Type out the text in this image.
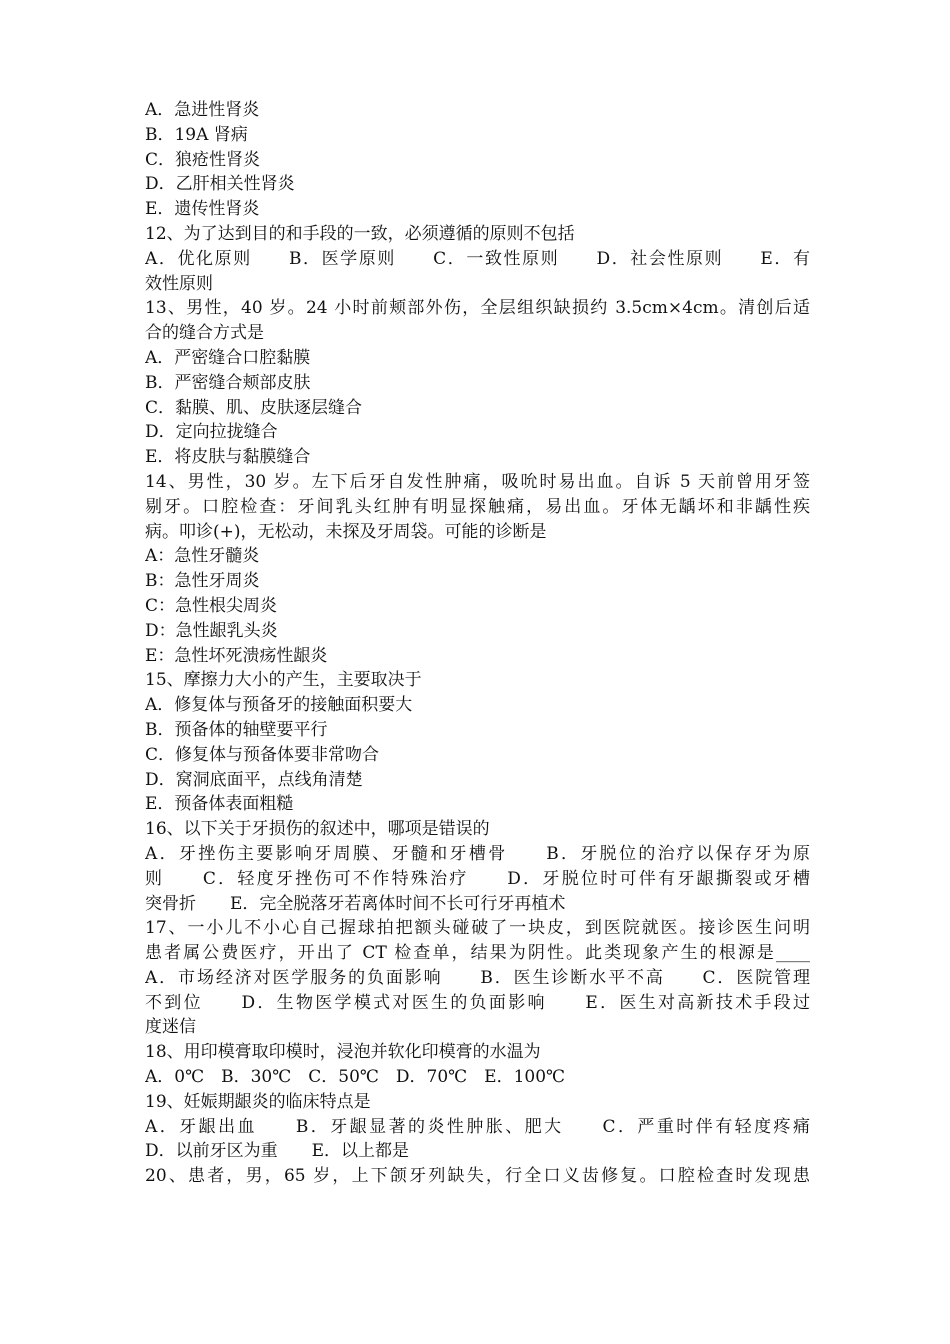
A．急进性肾炎
B．19A 肾病
C．狼疮性肾炎
D．乙肝相关性肾炎
E．遗传性肾炎
12、为了达到目的和手段的一致，必须遵循的原则不包括
A．优化原则　　B．医学原则　　C．一致性原则　　D．社会性原则　　E．有
效性原则
13、男性，40 岁。24 小时前颊部外伤，全层组织缺损约 3.5cm×4cm。清创后适
合的缝合方式是
A．严密缝合口腔黏膜
B．严密缝合颊部皮肤
C．黏膜、肌、皮肤逐层缝合
D．定向拉拢缝合
E．将皮肤与黏膜缝合
14、男性，30 岁。左下后牙自发性肿痛，吸吮时易出血。自诉 5 天前曾用牙签
剔牙。口腔检查：牙间乳头红肿有明显探触痛，易出血。牙体无龋坏和非龋性疾
病。叩诊(+)，无松动，未探及牙周袋。可能的诊断是
A：急性牙髓炎
B：急性牙周炎
C：急性根尖周炎
D：急性龈乳头炎
E：急性坏死溃疡性龈炎
15、摩擦力大小的产生，主要取决于
A．修复体与预备牙的接触面积要大
B．预备体的轴壁要平行
C．修复体与预备体要非常吻合
D．窝洞底面平，点线角清楚
E．预备体表面粗糙
16、以下关于牙损伤的叙述中，哪项是错误的
A．牙挫伤主要影响牙周膜、牙髓和牙槽骨　　B．牙脱位的治疗以保存牙为原
则　　C．轻度牙挫伤可不作特殊治疗　　D．牙脱位时可伴有牙龈撕裂或牙槽
突骨折　　E．完全脱落牙若离体时间不长可行牙再植术
17、一小儿不小心自己握球拍把额头碰破了一块皮，到医院就医。接诊医生问明
患者属公费医疗，开出了 CT 检查单，结果为阴性。此类现象产生的根源是____
A．市场经济对医学服务的负面影响　　B．医生诊断水平不高　　C．医院管理
不到位　　D．生物医学模式对医生的负面影响　　E．医生对高新技术手段过
度迷信
18、用印模膏取印模时，浸泡并软化印模膏的水温为
A．0℃　B．30℃　C．50℃　D．70℃　E．100℃
19、妊娠期龈炎的临床特点是
A．牙龈出血　　B．牙龈显著的炎性肿胀、肥大　　C．严重时伴有轻度疼痛
D．以前牙区为重　　E．以上都是
20、患者，男，65 岁，上下颌牙列缺失，行全口义齿修复。口腔检查时发现患
